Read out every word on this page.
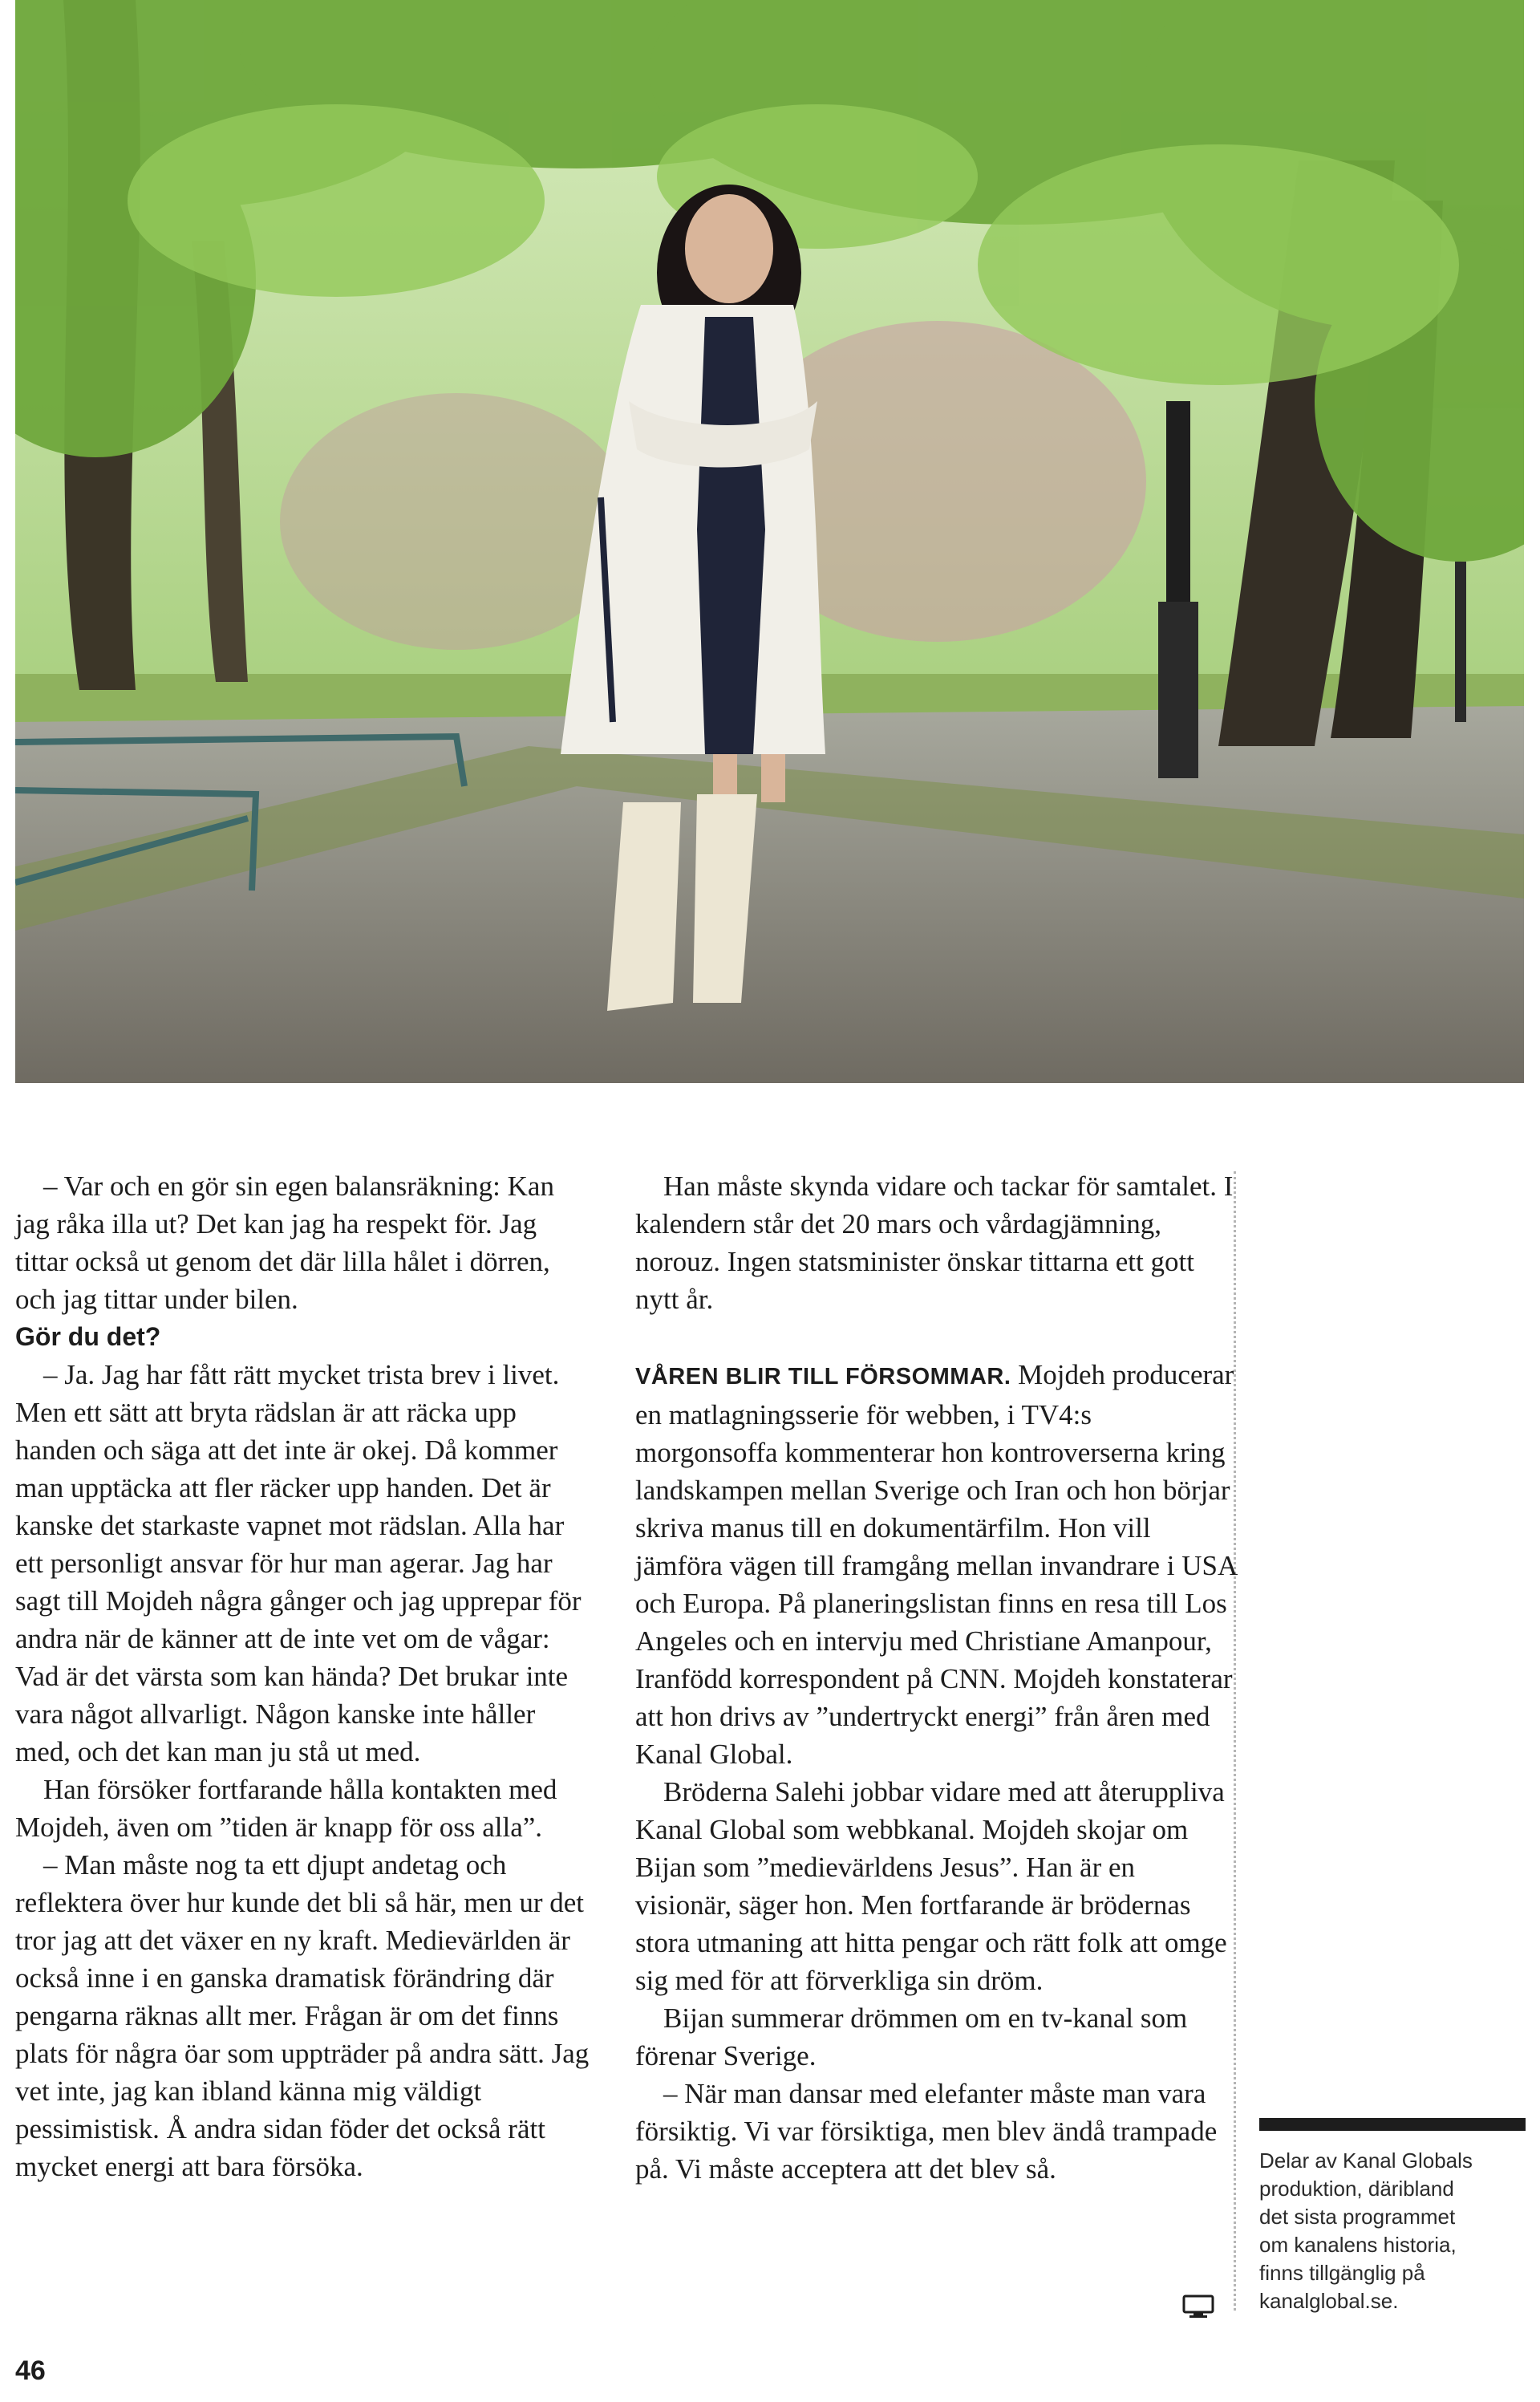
– Var och en gör sin egen balansräkning: Kan jag råka illa ut? Det kan jag ha respekt för. Jag tittar också ut genom det där lilla hålet i dörren, och jag tittar under bilen.

Gör du det?

– Ja. Jag har fått rätt mycket trista brev i livet. Men ett sätt att bryta rädslan är att räcka upp handen och säga att det inte är okej. Då kommer man upptäcka att fler räcker upp handen. Det är kanske det starkaste vapnet mot rädslan. Alla har ett personligt ansvar för hur man agerar. Jag har sagt till Mojdeh några gånger och jag upprepar för andra när de känner att de inte vet om de vågar: Vad är det värsta som kan hända? Det brukar inte vara något allvarligt. Någon kanske inte håller med, och det kan man ju stå ut med.

Han försöker fortfarande hålla kontakten med Mojdeh, även om ”tiden är knapp för oss alla”.

– Man måste nog ta ett djupt andetag och reflektera över hur kunde det bli så här, men ur det tror jag att det växer en ny kraft. Medievärlden är också inne i en ganska dramatisk förändring där pengarna räknas allt mer. Frågan är om det finns plats för några öar som uppträder på andra sätt. Jag vet inte, jag kan ibland känna mig väldigt pessimistisk. Å andra sidan föder det också rätt mycket energi att bara försöka.

Han måste skynda vidare och tackar för samtalet. I kalendern står det 20 mars och vårdagjämning, norouz. Ingen statsminister önskar tittarna ett gott nytt år.

VÅREN BLIR TILL FÖRSOMMAR. Mojdeh producerar en matlagningsserie för webben, i TV4:s morgonsoffa kommenterar hon kontroverserna kring landskampen mellan Sverige och Iran och hon börjar skriva manus till en dokumentärfilm. Hon vill jämföra vägen till framgång mellan invandrare i USA och Europa. På planeringslistan finns en resa till Los Angeles och en intervju med Christiane Amanpour, Iranfödd korrespondent på CNN. Mojdeh konstaterar att hon drivs av ”undertryckt energi” från åren med Kanal Global.

Bröderna Salehi jobbar vidare med att återuppliva Kanal Global som webbkanal. Mojdeh skojar om Bijan som ”medievärldens Jesus”. Han är en visionär, säger hon. Men fortfarande är brödernas stora utmaning att hitta pengar och rätt folk att omge sig med för att förverkliga sin dröm.

Bijan summerar drömmen om en tv-kanal som förenar Sverige.

– När man dansar med elefanter måste man vara försiktig. Vi var försiktiga, men blev ändå trampade på. Vi måste acceptera att det blev så.	Delar av Kanal Globals
produktion, däribland
det sista programmet
om kanalens historia,
finns tillgänglig på
kanalglobal.se.
46
